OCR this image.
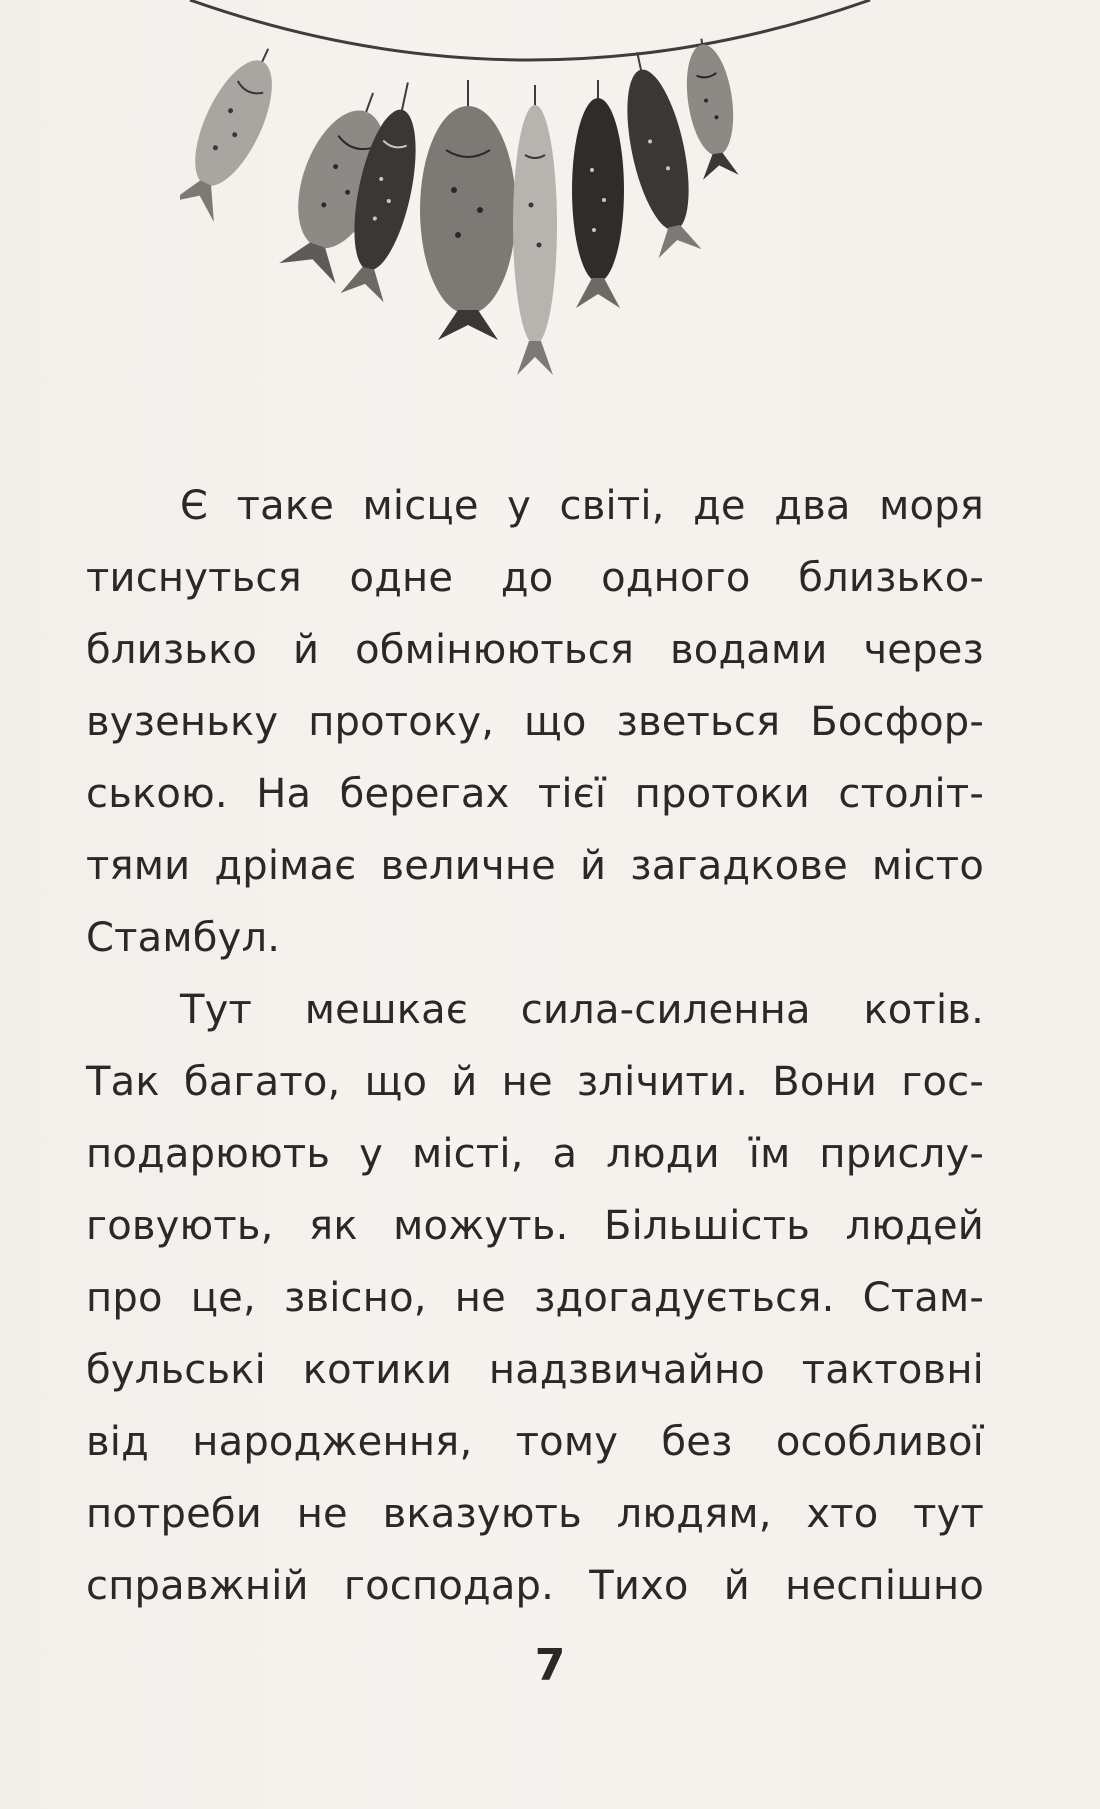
Є таке місце у світі, де два моря
тиснуться одне до одного близько-
близько й обмінюються водами через
вузеньку протоку, що зветься Босфор-
ською. На берегах тієї протоки століт-
тями дрімає величне й загадкове місто
Стамбул.
Тут мешкає сила-силенна котів.
Так багато, що й не злічити. Вони гос-
подарюють у місті, а люди їм прислу-
говують, як можуть. Більшість людей
про це, звісно, не здогадується. Стам-
бульські котики надзвичайно тактовні
від народження, тому без особливої
потреби не вказують людям, хто тут
справжній господар. Тихо й неспішно
7
